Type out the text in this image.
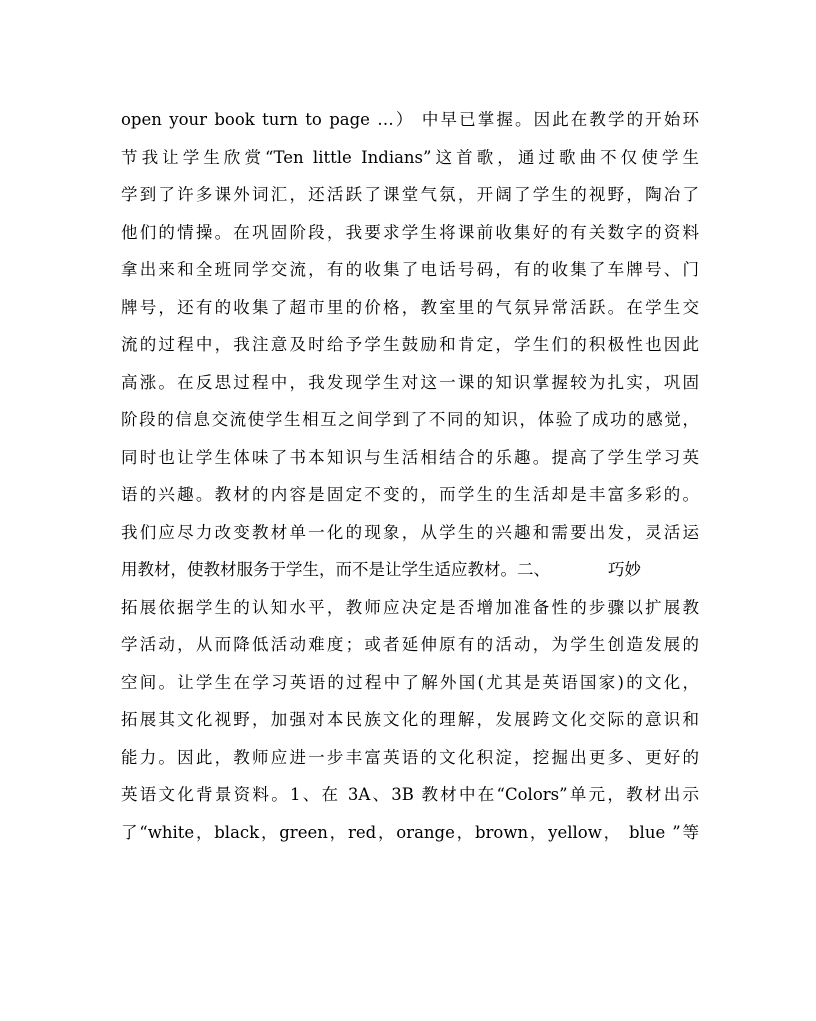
open your book turn to page …） 中早已掌握。因此在教学的开始环
节我让学生欣赏“Ten little Indians”这首歌，通过歌曲不仅使学生
学到了许多课外词汇，还活跃了课堂气氛，开阔了学生的视野，陶冶了
他们的情操。在巩固阶段，我要求学生将课前收集好的有关数字的资料
拿出来和全班同学交流，有的收集了电话号码，有的收集了车牌号、门
牌号，还有的收集了超市里的价格，教室里的气氛异常活跃。在学生交
流的过程中，我注意及时给予学生鼓励和肯定，学生们的积极性也因此
高涨。在反思过程中，我发现学生对这一课的知识掌握较为扎实，巩固
阶段的信息交流使学生相互之间学到了不同的知识，体验了成功的感觉，
同时也让学生体味了书本知识与生活相结合的乐趣。提高了学生学习英
语的兴趣。教材的内容是固定不变的，而学生的生活却是丰富多彩的。
我们应尽力改变教材单一化的现象，从学生的兴趣和需要出发，灵活运
用教材，使教材服务于学生，而不是让学生适应教材。二、	巧妙
拓展依据学生的认知水平，教师应决定是否增加准备性的步骤以扩展教
学活动，从而降低活动难度；或者延伸原有的活动，为学生创造发展的
空间。让学生在学习英语的过程中了解外国(尤其是英语国家)的文化，
拓展其文化视野，加强对本民族文化的理解，发展跨文化交际的意识和
能力。因此，教师应进一步丰富英语的文化积淀，挖掘出更多、更好的
英语文化背景资料。1、在 3A、3B 教材中在“Colors”单元，教材出示
了“white，black，green，red，orange，brown，yellow， blue ”等
